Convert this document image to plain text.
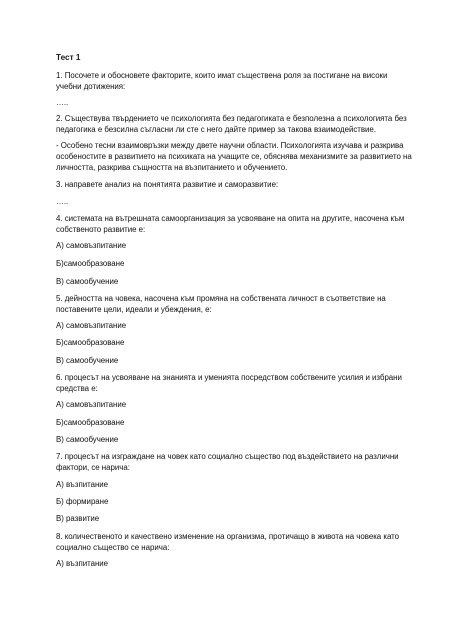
Тест 1
1. Посочете и обосновете факторите, които имат съществена роля за постигане на високи
учебни дотижения:
…..
2. Съществува твърдението че психологията без педагогиката е безполезна а психологията без
педагогика е безсилна съгласни ли сте с него дайте пример за такова взаимодействие.
- Особено тесни взаимовръзки между двете научни области. Психологията изучава и разкрива
особеностите в развитието на психиката на учащите се, обяснява механизмите за развитието на
личността, разкрива същността на възпитанието и обучението.
3. направете анализ на понятията развитие и саморазвитие:
…..
4. системата на вътрешната самоорганизация за усвояване на опита на другите, насочена към
собственото развитие е:
А) самовъзпитание
Б)самообразоване
В) самообучение
5. дейността на човека, насочена към промяна на собствената личност в съответствие на
поставените цели, идеали и убеждения, е:
А) самовъзпитание
Б)самообразоване
В) самообучение
6. процесът на усвояване на знанията и уменията посредством собствените усилия и избрани
средства е:
А) самовъзпитание
Б)самообразоване
В) самообучение
7. процесът на изграждане на човек като социално същество под въздействието на различни
фактори, се нарича:
А) възпитание
Б) формиране
В) развитие
8. количественото и качествено изменение на организма, протичащо в живота на човека като
социално същество се нарича:
А) възпитание
